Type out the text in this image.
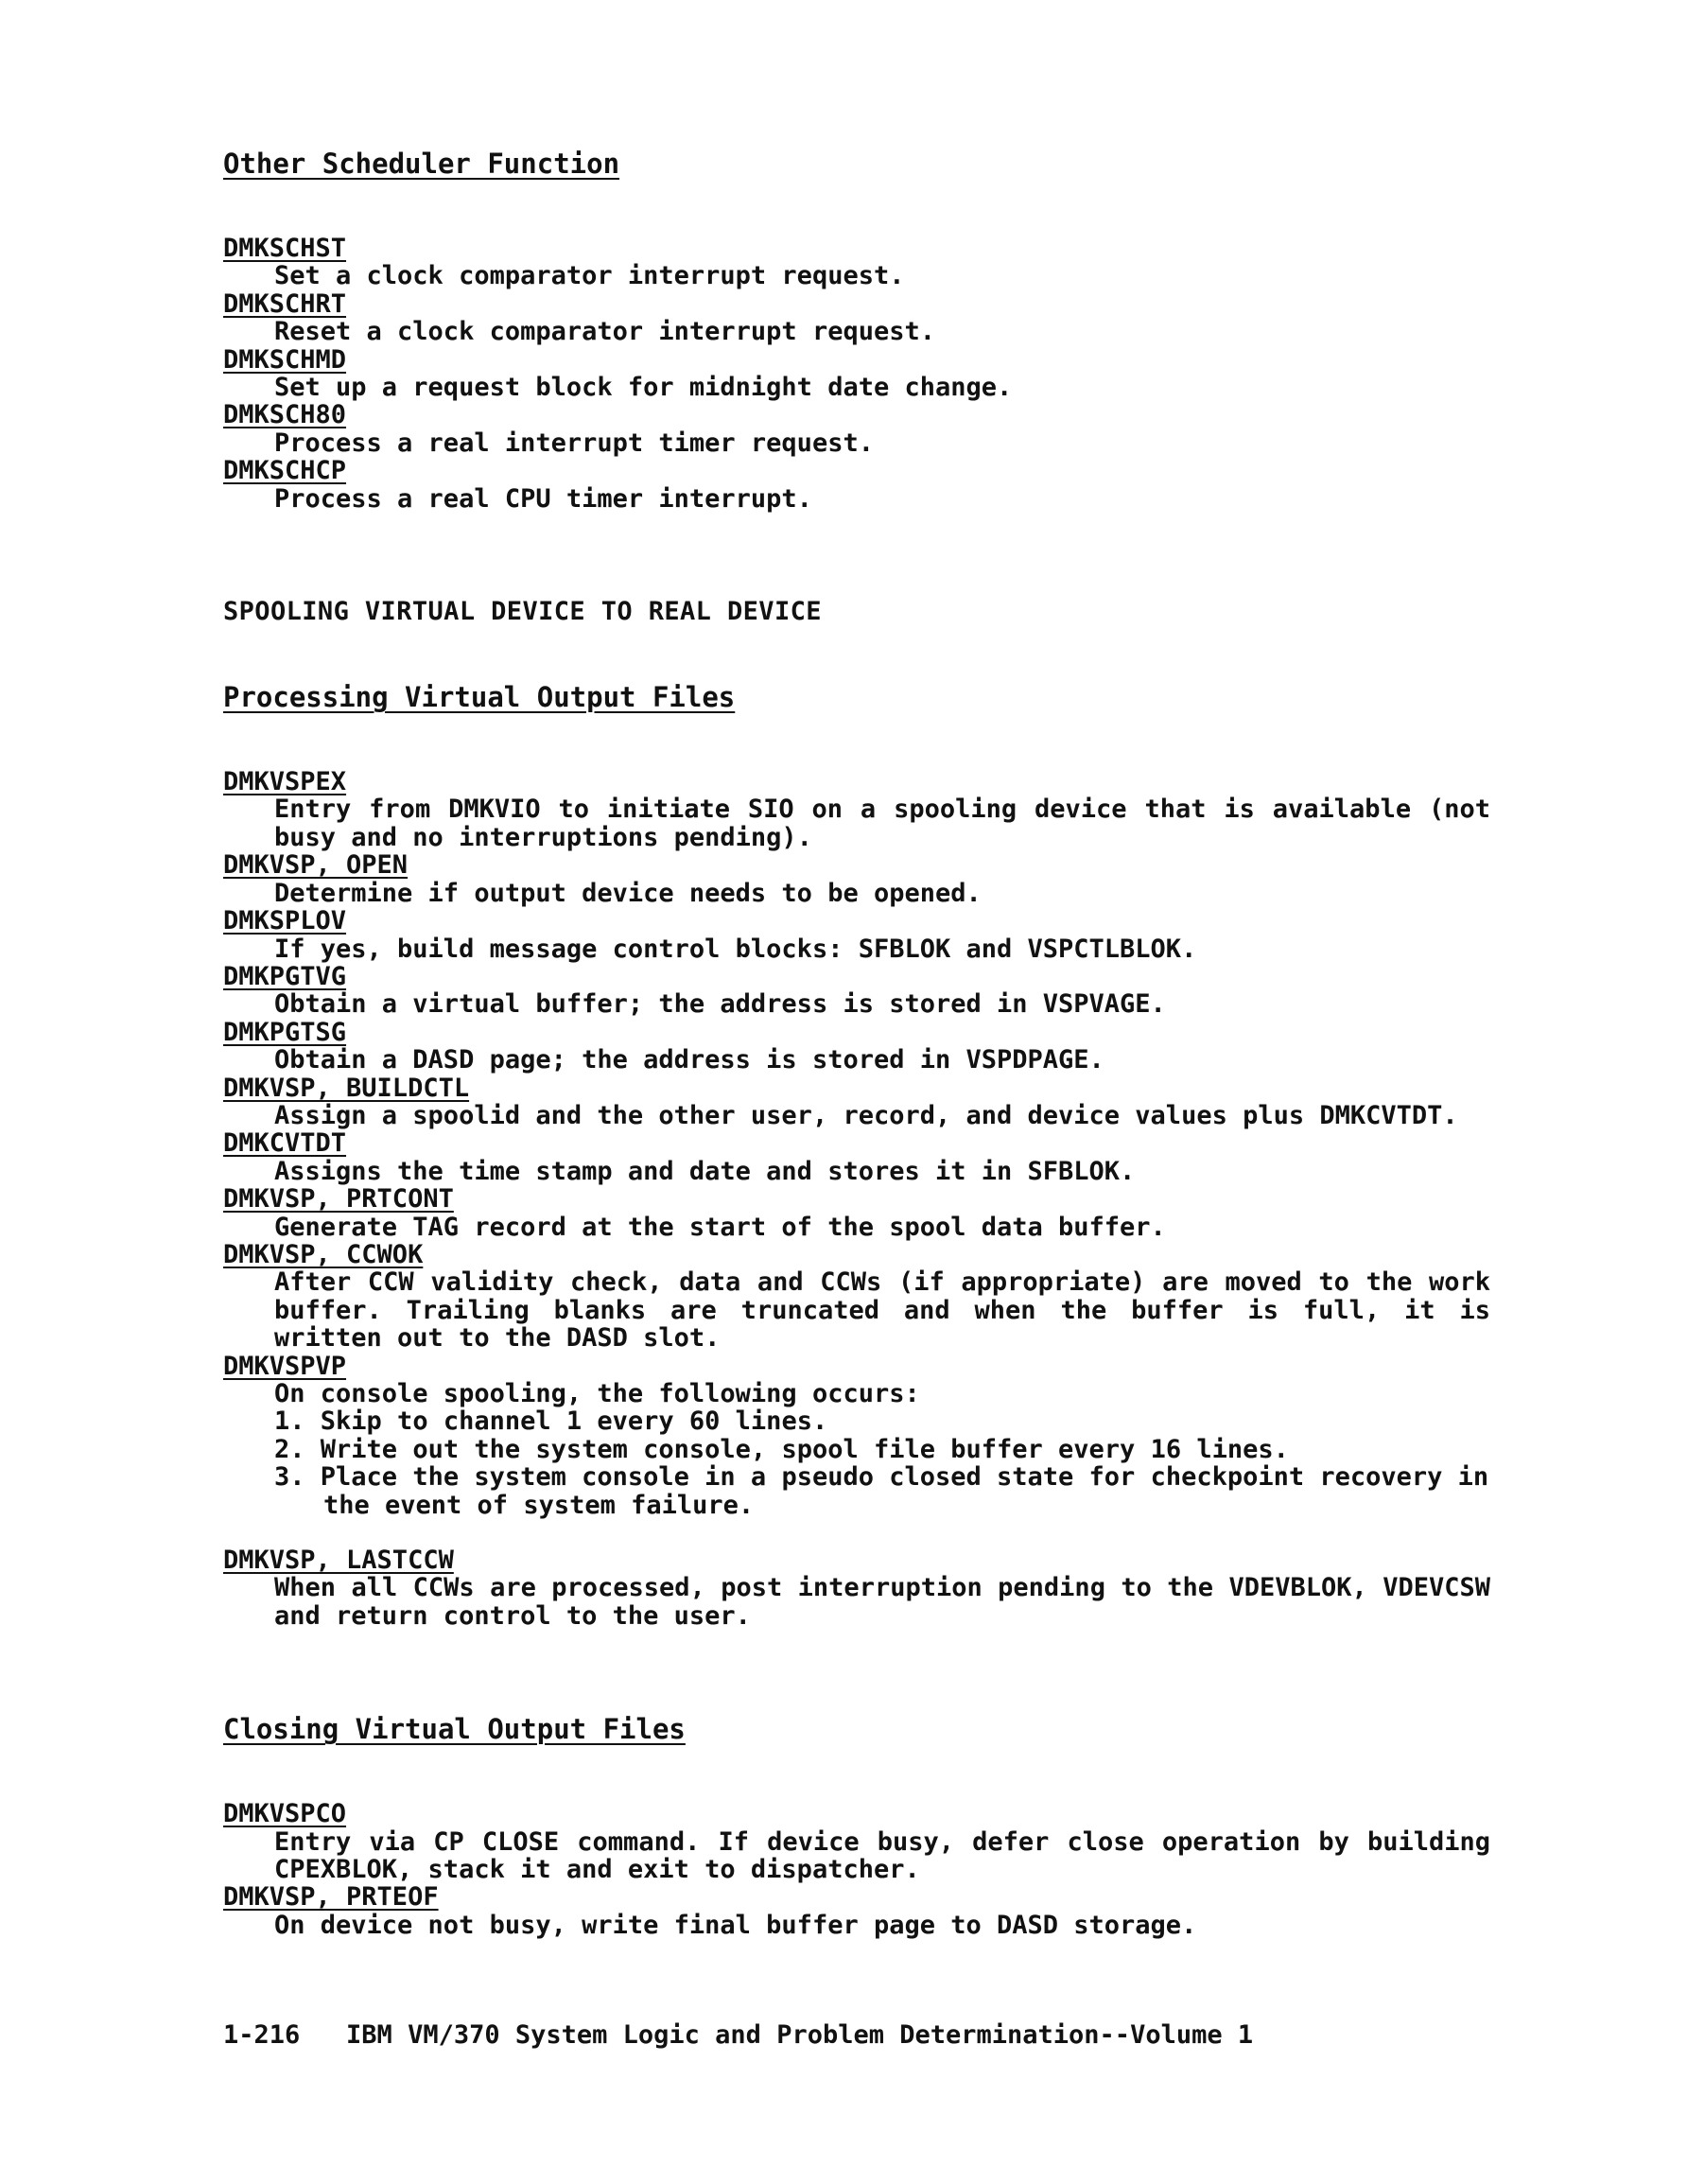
Other Scheduler Function
DMKSCHST
Set a clock comparator interrupt request.
DMKSCHRT
Reset a clock comparator interrupt request.
DMKSCHMD
Set up a request block for midnight date change.
DMKSCH80
Process a real interrupt timer request.
DMKSCHCP
Process a real CPU timer interrupt.
SPOOLING VIRTUAL DEVICE TO REAL DEVICE
Processing Virtual Output Files
DMKVSPEX
Entry from DMKVIO to initiate SIO on a spooling device that is available (not busy and no interruptions pending).
DMKVSP, OPEN
Determine if output device needs to be opened.
DMKSPLOV
If yes, build message control blocks: SFBLOK and VSPCTLBLOK.
DMKPGTVG
Obtain a virtual buffer; the address is stored in VSPVAGE.
DMKPGTSG
Obtain a DASD page; the address is stored in VSPDPAGE.
DMKVSP, BUILDCTL
Assign a spoolid and the other user, record, and device values plus DMKCVTDT.
DMKCVTDT
Assigns the time stamp and date and stores it in SFBLOK.
DMKVSP, PRTCONT
Generate TAG record at the start of the spool data buffer.
DMKVSP, CCWOK
After CCW validity check, data and CCWs (if appropriate) are moved to the work buffer. Trailing blanks are truncated and when the buffer is full, it is written out to the DASD slot.
DMKVSPVP
On console spooling, the following occurs:
1. Skip to channel 1 every 60 lines.
2. Write out the system console, spool file buffer every 16 lines.
3. Place the system console in a pseudo closed state for checkpoint recovery in the event of system failure.
DMKVSP, LASTCCW
When all CCWs are processed, post interruption pending to the VDEVBLOK, VDEVCSW and return control to the user.
Closing Virtual Output Files
DMKVSPCO
Entry via CP CLOSE command. If device busy, defer close operation by building CPEXBLOK, stack it and exit to dispatcher.
DMKVSP, PRTEOF
On device not busy, write final buffer page to DASD storage.
1-216   IBM VM/370 System Logic and Problem Determination--Volume 1
